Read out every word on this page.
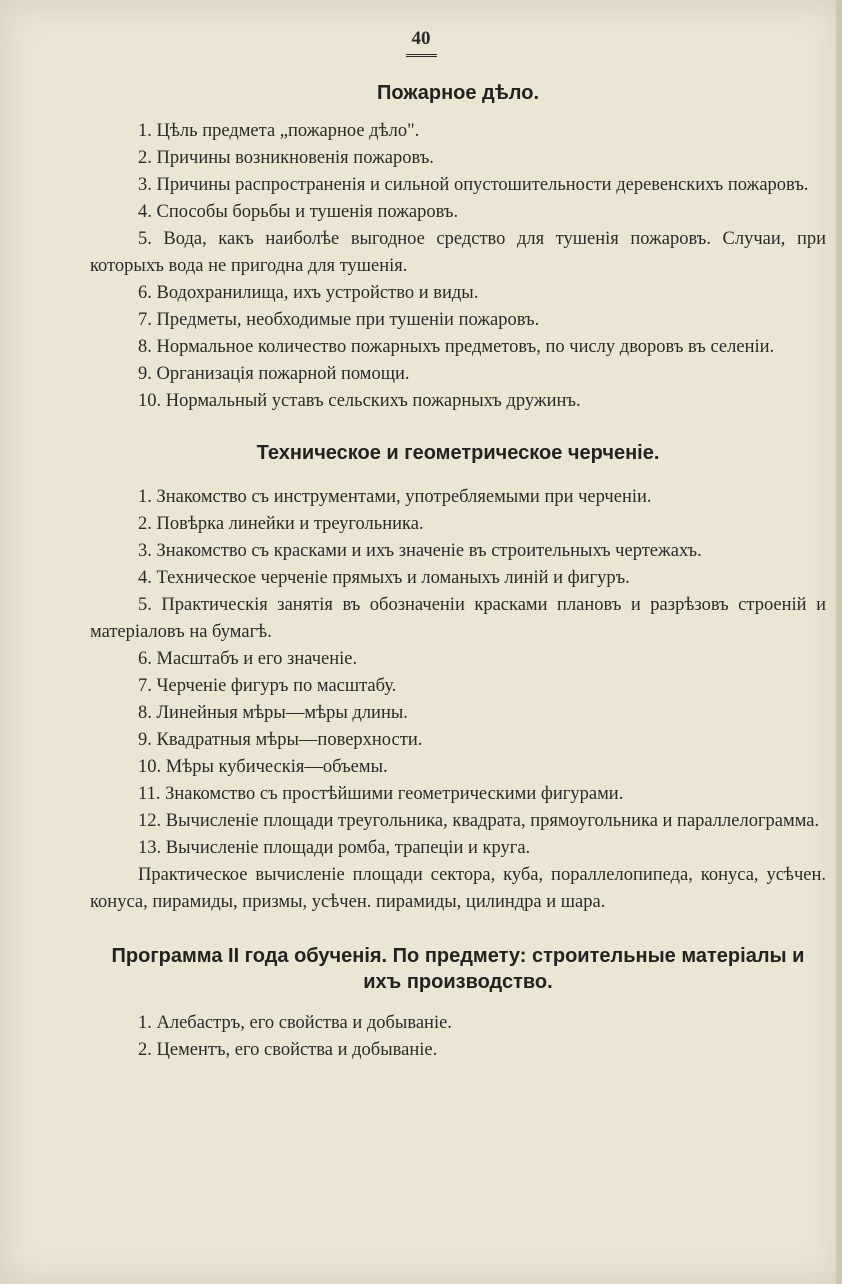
40
Пожарное дѣло.

1. Цѣль предмета „пожарное дѣло".

2. Причины возникновенія пожаровъ.

3. Причины распространенія и сильной опустошительности деревенскихъ пожаровъ.

4. Способы борьбы и тушенія пожаровъ.

5. Вода, какъ наиболѣе выгодное средство для тушенія пожаровъ. Случаи, при которыхъ вода не пригодна для тушенія.

6. Водохранилища, ихъ устройство и виды.

7. Предметы, необходимые при тушеніи пожаровъ.

8. Нормальное количество пожарныхъ предметовъ, по числу дворовъ въ селеніи.

9. Организація пожарной помощи.

10. Нормальный уставъ сельскихъ пожарныхъ дружинъ.

Техническое и геометрическое черченіе.

1. Знакомство съ инструментами, употребляемыми при черченіи.

2. Повѣрка линейки и треугольника.

3. Знакомство съ красками и ихъ значеніе въ строительныхъ чертежахъ.

4. Техническое черченіе прямыхъ и ломаныхъ линій и фигуръ.

5. Практическія занятія въ обозначеніи красками плановъ и разрѣзовъ строеній и матеріаловъ на бумагѣ.

6. Масштабъ и его значеніе.

7. Черченіе фигуръ по масштабу.

8. Линейныя мѣры—мѣры длины.

9. Квадратныя мѣры—поверхности.

10. Мѣры кубическія—объемы.

11. Знакомство съ простѣйшими геометрическими фигурами.

12. Вычисленіе площади треугольника, квадрата, прямоугольника и параллелограмма.

13. Вычисленіе площади ромба, трапеціи и круга.

Практическое вычисленіе площади сектора, куба, пораллелопипеда, конуса, усѣчен. конуса, пирамиды, призмы, усѣчен. пирамиды, цилиндра и шара.

Программа II года обученія. По предмету: строительные матеріалы и ихъ производство.

1. Алебастръ, его свойства и добываніе.

2. Цементъ, его свойства и добываніе.
